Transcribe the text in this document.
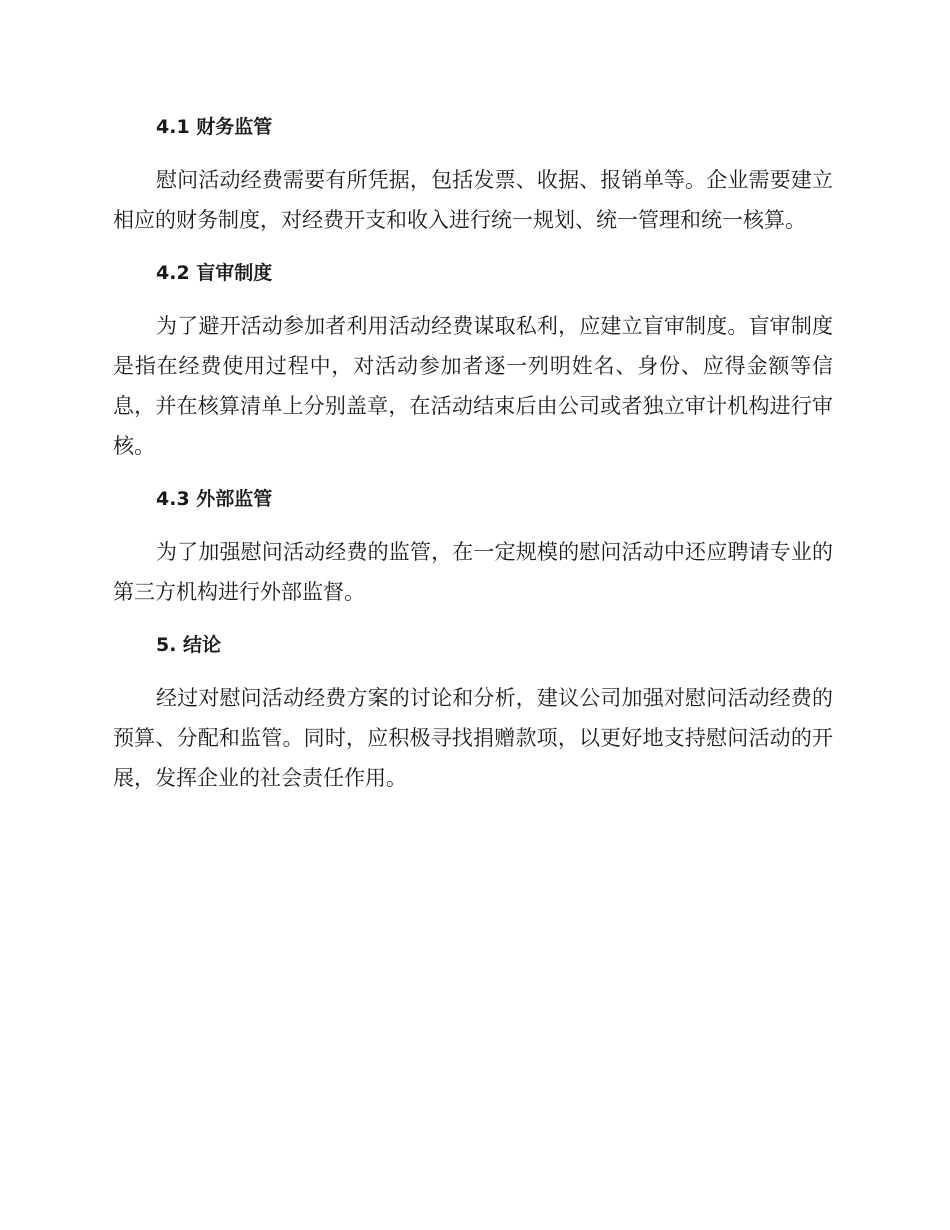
4.1 财务监管

慰问活动经费需要有所凭据，包括发票、收据、报销单等。企业需要建立相应的财务制度，对经费开支和收入进行统一规划、统一管理和统一核算。

4.2 盲审制度

为了避开活动参加者利用活动经费谋取私利，应建立盲审制度。盲审制度是指在经费使用过程中，对活动参加者逐一列明姓名、身份、应得金额等信息，并在核算清单上分别盖章，在活动结束后由公司或者独立审计机构进行审核。

4.3 外部监管

为了加强慰问活动经费的监管，在一定规模的慰问活动中还应聘请专业的第三方机构进行外部监督。

5. 结论

经过对慰问活动经费方案的讨论和分析，建议公司加强对慰问活动经费的预算、分配和监管。同时，应积极寻找捐赠款项，以更好地支持慰问活动的开展，发挥企业的社会责任作用。
